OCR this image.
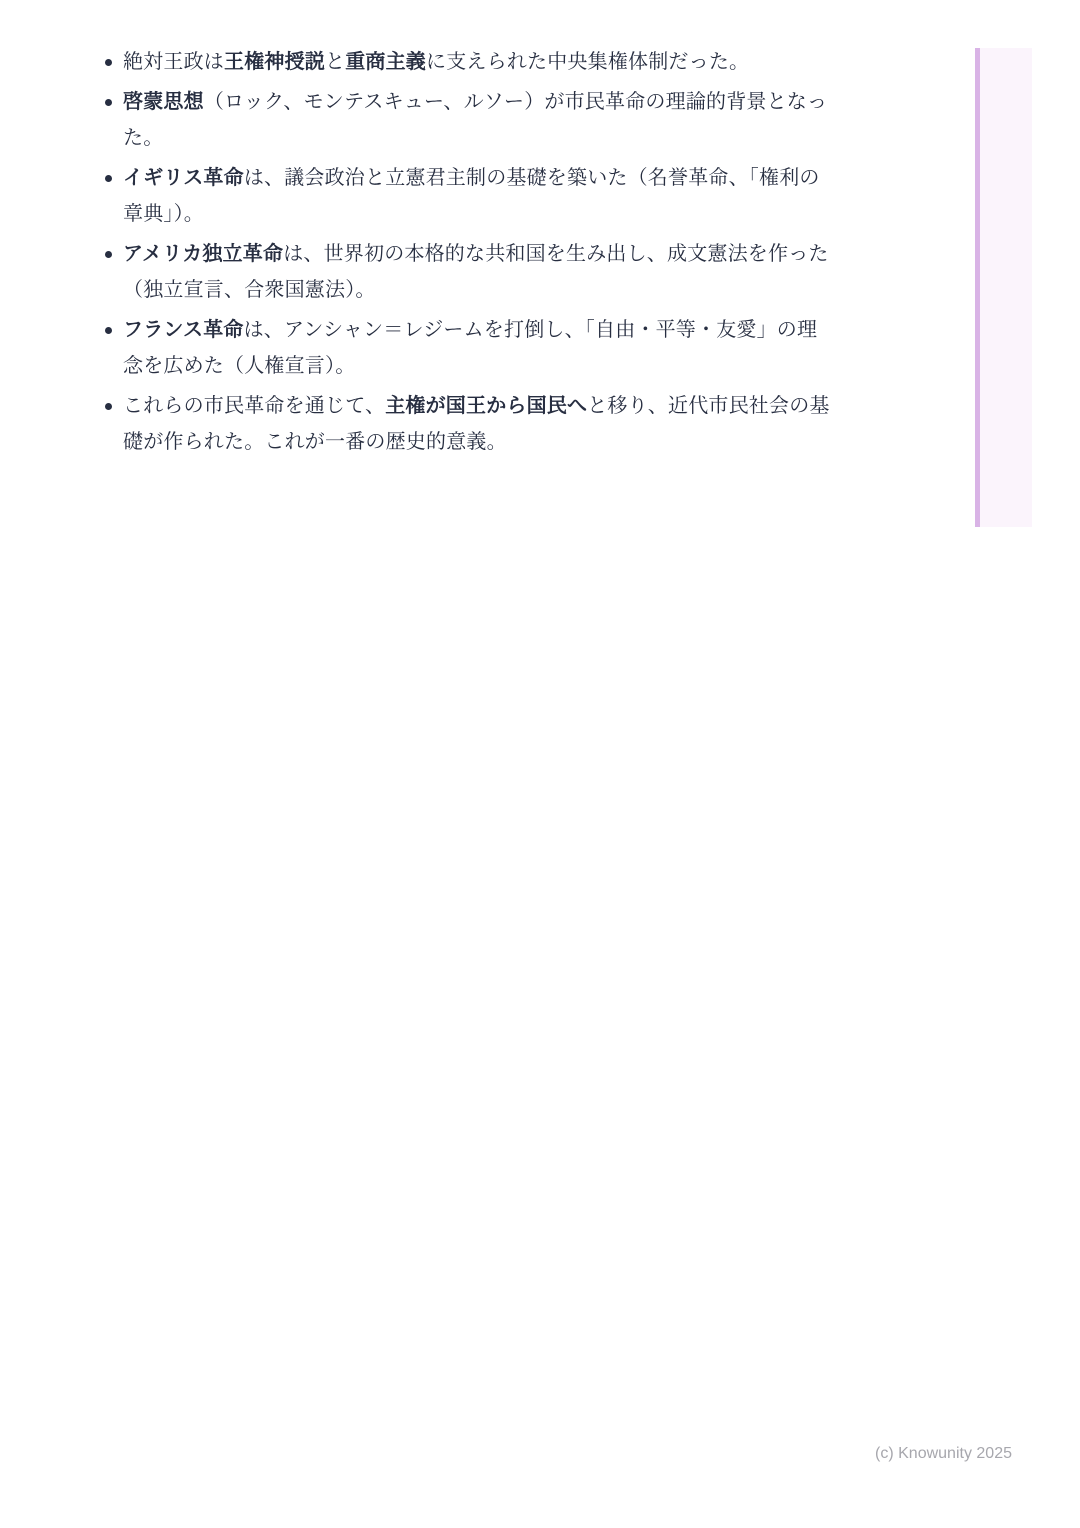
絶対王政は王権神授説と重商主義に支えられた中央集権体制だった。
啓蒙思想（ロック、モンテスキュー、ルソー）が市民革命の理論的背景となった。
イギリス革命は、議会政治と立憲君主制の基礎を築いた（名誉革命、「権利の章典」）。
アメリカ独立革命は、世界初の本格的な共和国を生み出し、成文憲法を作った（独立宣言、合衆国憲法）。
フランス革命は、アンシャン＝レジームを打倒し、「自由・平等・友愛」の理念を広めた（人権宣言）。
これらの市民革命を通じて、主権が国王から国民へと移り、近代市民社会の基礎が作られた。これが一番の歴史的意義。
(c) Knowunity 2025
